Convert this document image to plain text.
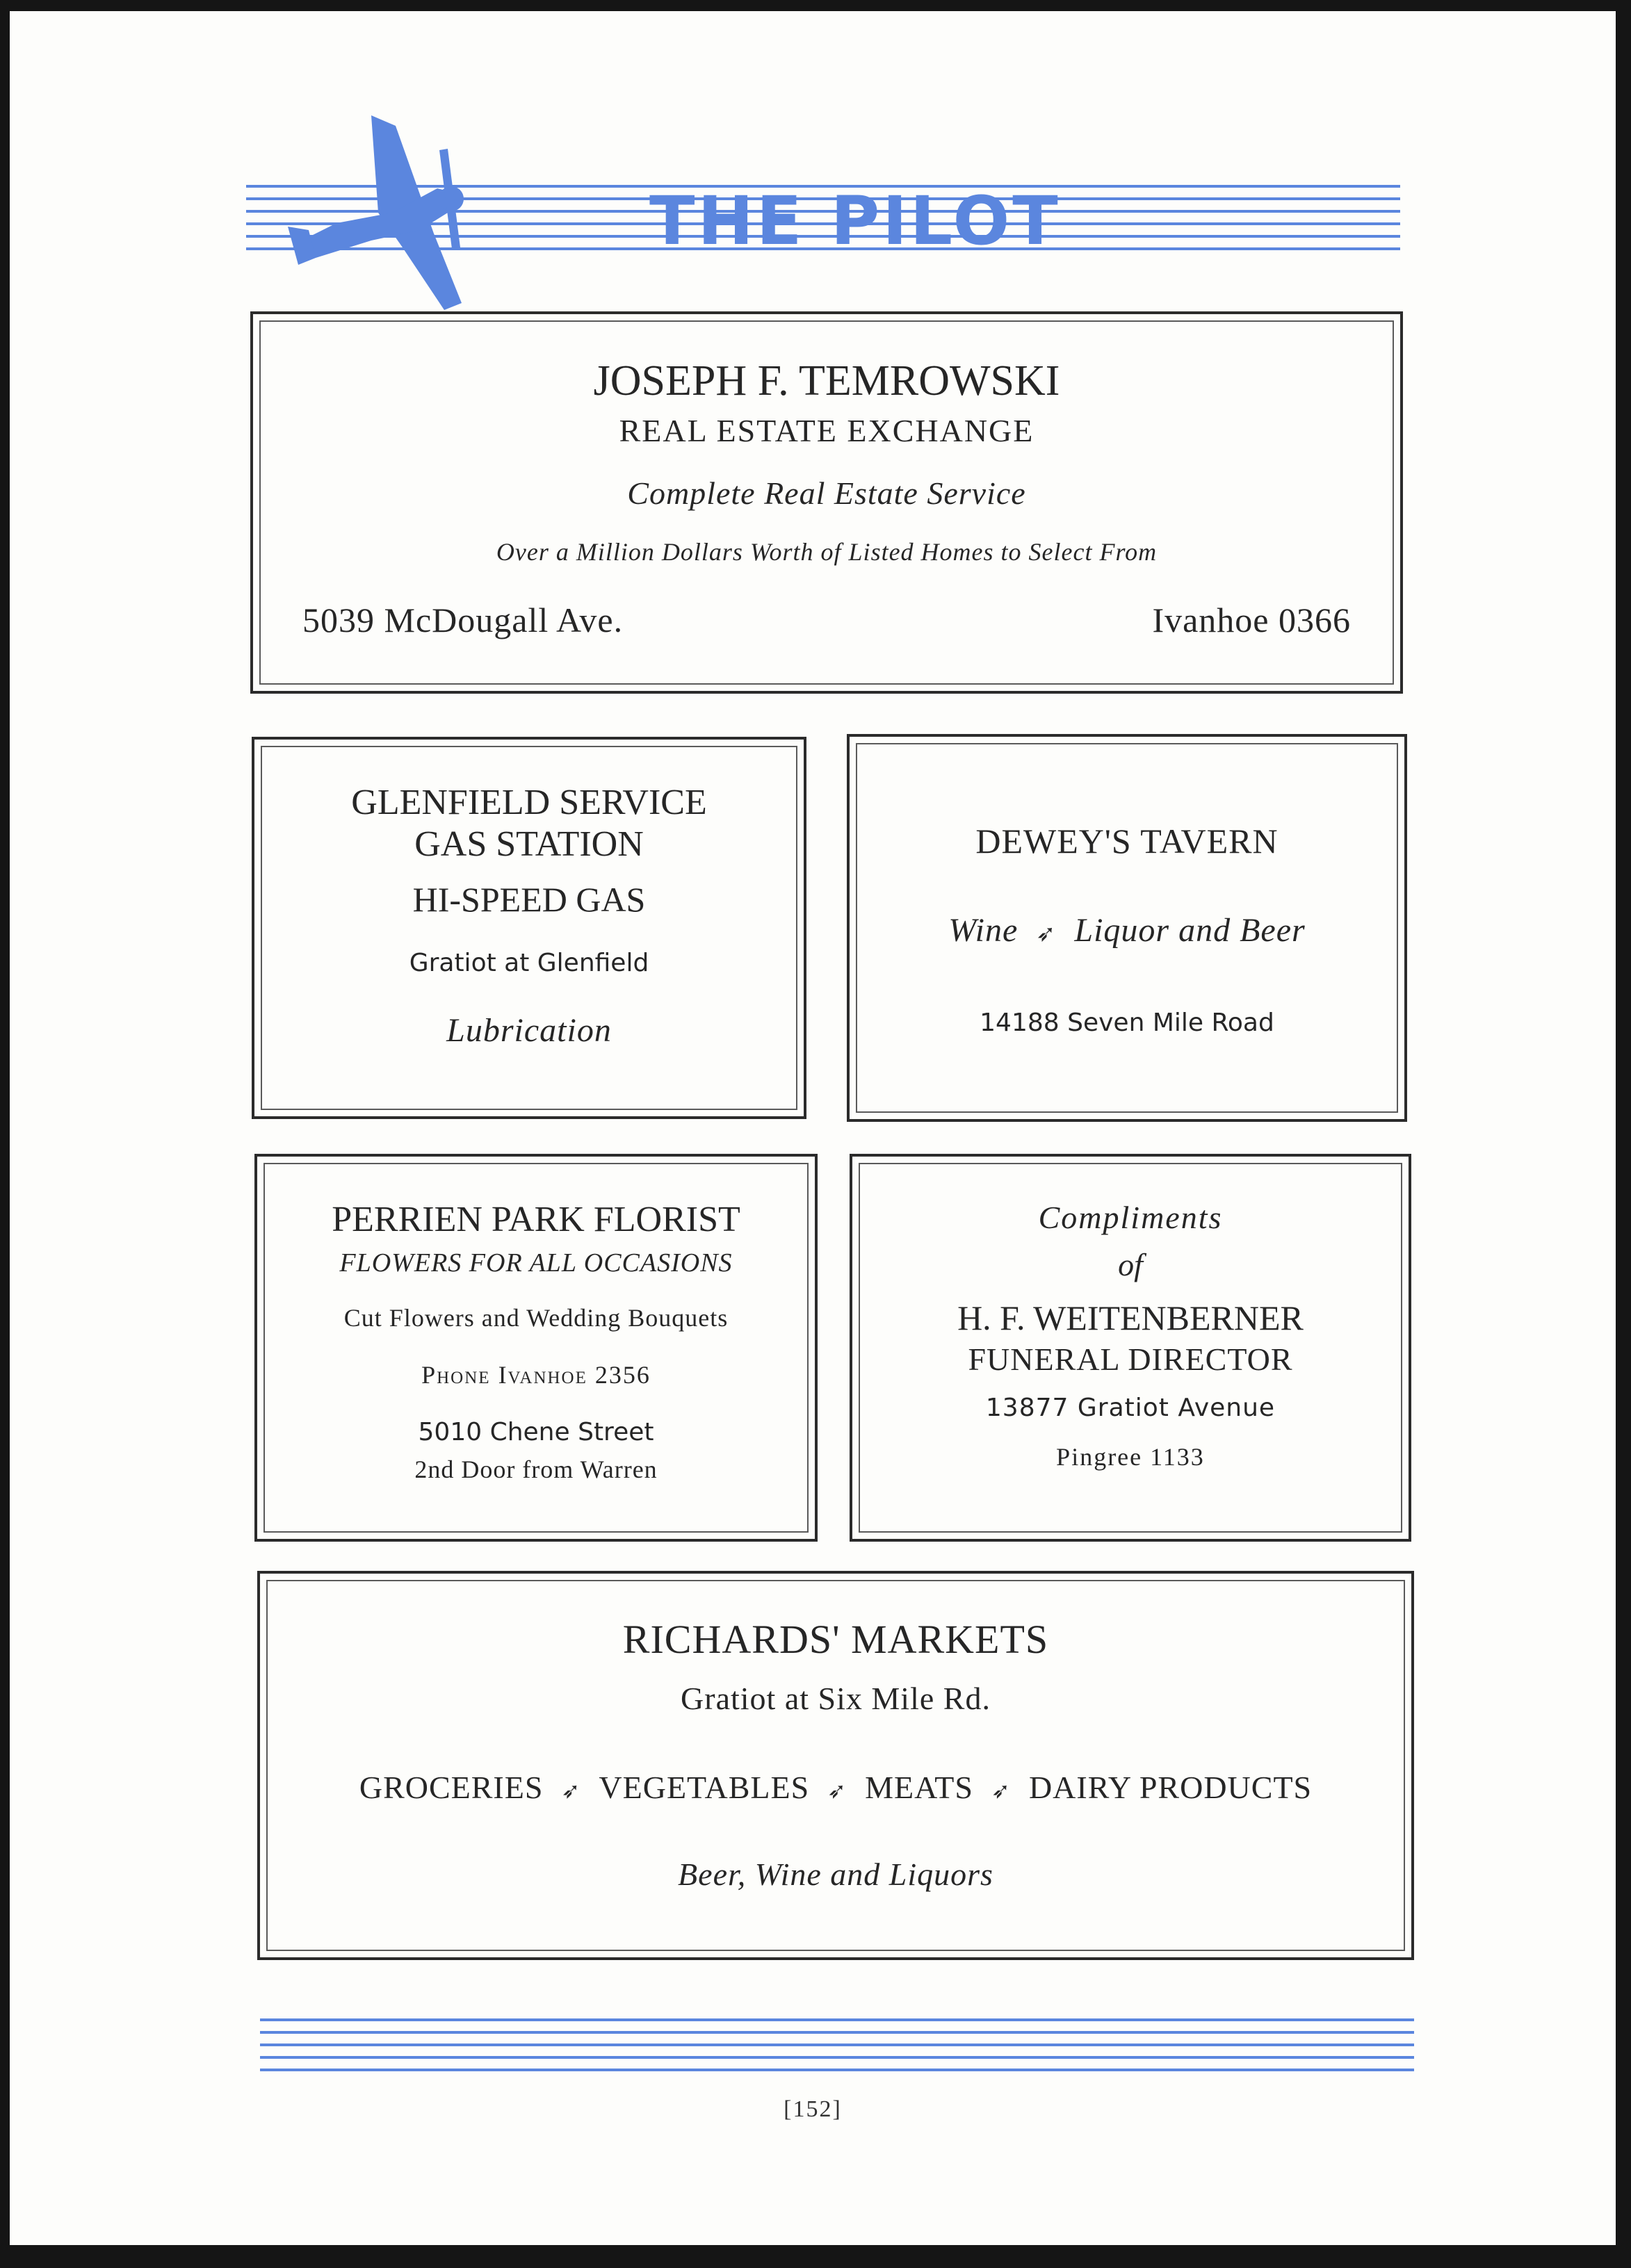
THE PILOT
JOSEPH F. TEMROWSKI
REAL ESTATE EXCHANGE
Complete Real Estate Service
Over a Million Dollars Worth of Listed Homes to Select From
5039 McDougall Ave.	Ivanhoe 0366
GLENFIELD SERVICE
GAS STATION
HI-SPEED GAS
Gratiot at Glenfield
Lubrication
DEWEY'S TAVERN
Wine ➶ Liquor and Beer
14188 Seven Mile Road
PERRIEN PARK FLORIST
FLOWERS FOR ALL OCCASIONS
Cut Flowers and Wedding Bouquets
Phone Ivanhoe 2356
5010 Chene Street
2nd Door from Warren
Compliments
of
H. F. WEITENBERNER
FUNERAL DIRECTOR
13877 Gratiot Avenue
Pingree 1133
RICHARDS' MARKETS
Gratiot at Six Mile Rd.
GROCERIES ➶ VEGETABLES ➶ MEATS ➶ DAIRY PRODUCTS
Beer, Wine and Liquors
[152]
